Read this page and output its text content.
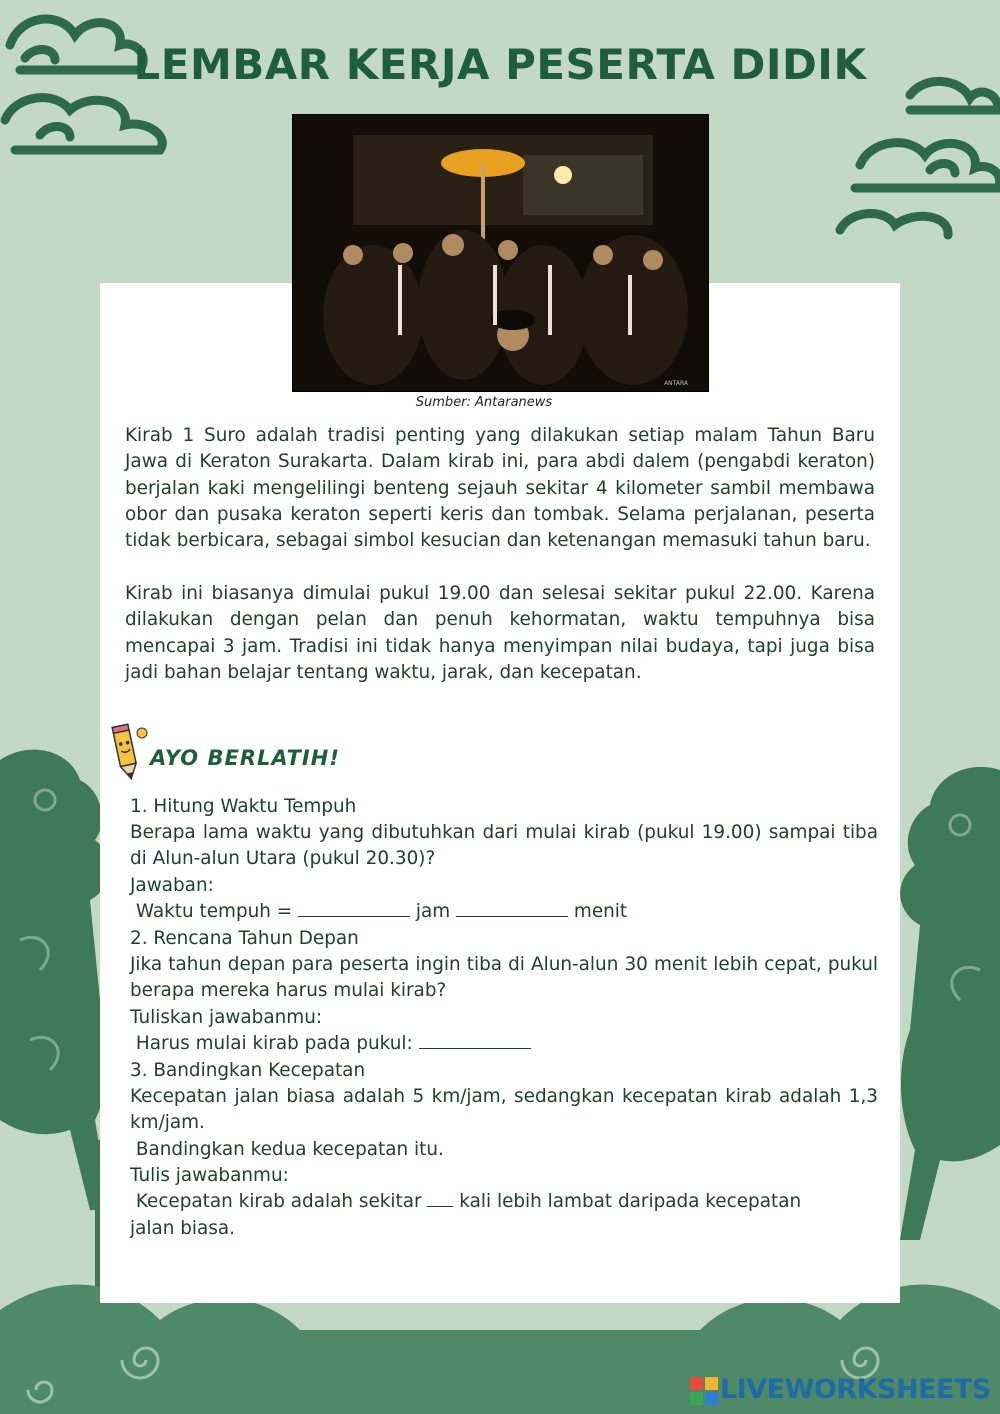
LEMBAR KERJA PESERTA DIDIK
ANTARA
Sumber: Antaranews

Kirab 1 Suro adalah tradisi penting yang dilakukan setiap malam Tahun Baru Jawa di Keraton Surakarta. Dalam kirab ini, para abdi dalem (pengabdi keraton) berjalan kaki mengelilingi benteng sejauh sekitar 4 kilometer sambil membawa obor dan pusaka keraton seperti keris dan tombak. Selama perjalanan, peserta tidak berbicara, sebagai simbol kesucian dan ketenangan memasuki tahun baru.

Kirab ini biasanya dimulai pukul 19.00 dan selesai sekitar pukul 22.00. Karena dilakukan dengan pelan dan penuh kehormatan, waktu tempuhnya bisa mencapai 3 jam. Tradisi ini tidak hanya menyimpan nilai budaya, tapi juga bisa jadi bahan belajar tentang waktu, jarak, dan kecepatan.

AYO BERLATIH!

1. Hitung Waktu Tempuh

Berapa lama waktu yang dibutuhkan dari mulai kirab (pukul 19.00) sampai tiba di Alun-alun Utara (pukul 20.30)?

Jawaban:

Waktu tempuh =	jam	menit

2. Rencana Tahun Depan

Jika tahun depan para peserta ingin tiba di Alun-alun 30 menit lebih cepat, pukul berapa mereka harus mulai kirab?

Tuliskan jawabanmu:

Harus mulai kirab pada pukul:

3. Bandingkan Kecepatan

Kecepatan jalan biasa adalah 5 km/jam, sedangkan kecepatan kirab adalah 1,3 km/jam.

Bandingkan kedua kecepatan itu.

Tulis jawabanmu:

Kecepatan kirab adalah sekitar kali lebih lambat daripada kecepatan

jalan biasa.

LIVEWORKSHEETS
